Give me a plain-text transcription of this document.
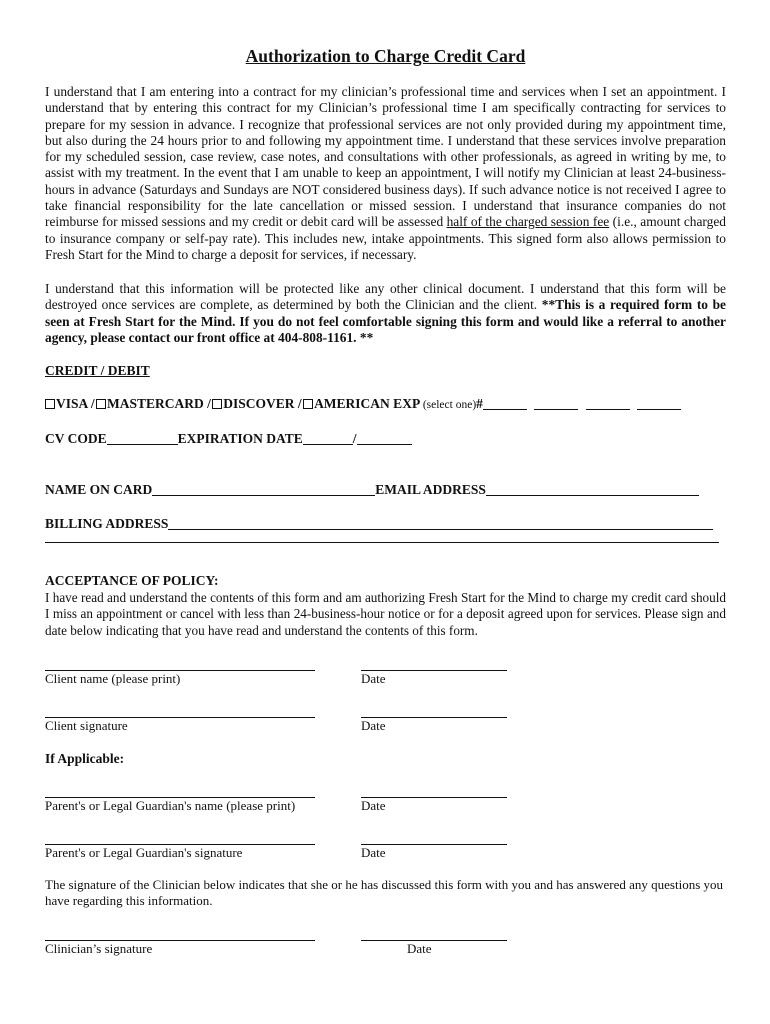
Authorization to Charge Credit Card

I understand that I am entering into a contract for my clinician’s professional time and services when I set an appointment. I understand that by entering this contract for my Clinician’s professional time I am specifically contracting for services to prepare for my session in advance. I recognize that professional services are not only provided during my appointment time, but also during the 24 hours prior to and following my appointment time. I understand that these services involve preparation for my scheduled session, case review, case notes, and consultations with other professionals, as agreed in writing by me, to assist with my treatment. In the event that I am unable to keep an appointment, I will notify my Clinician at least 24-business-hours in advance (Saturdays and Sundays are NOT considered business days). If such advance notice is not received I agree to take financial responsibility for the late cancellation or missed session. I understand that insurance companies do not reimburse for missed sessions and my credit or debit card will be assessed half of the charged session fee (i.e., amount charged to insurance company or self-pay rate). This includes new, intake appointments. This signed form also allows permission to Fresh Start for the Mind to charge a deposit for services, if necessary.

I understand that this information will be protected like any other clinical document. I understand that this form will be destroyed once services are complete, as determined by both the Clinician and the client. **This is a required form to be seen at Fresh Start for the Mind. If you do not feel comfortable signing this form and would like a referral to another agency, please contact our front office at 404-808-1161. **

CREDIT / DEBIT
VISA / MASTERCARD / DISCOVER / AMERICAN EXP (select one)#
CV CODE	EXPIRATION DATE	/
NAME ON CARD	EMAIL ADDRESS
BILLING ADDRESS
ACCEPTANCE OF POLICY:

I have read and understand the contents of this form and am authorizing Fresh Start for the Mind to charge my credit card should I miss an appointment or cancel with less than 24-business-hour notice or for a deposit agreed upon for services. Please sign and date below indicating that you have read and understand the contents of this form.

Client name (please print)	Date
Client signature	Date
If Applicable:
Parent's or Legal Guardian's name (please print)	Date
Parent's or Legal Guardian's signature	Date

The signature of the Clinician below indicates that she or he has discussed this form with you and has answered any questions you have regarding this information.

Clinician’s signature	Date
